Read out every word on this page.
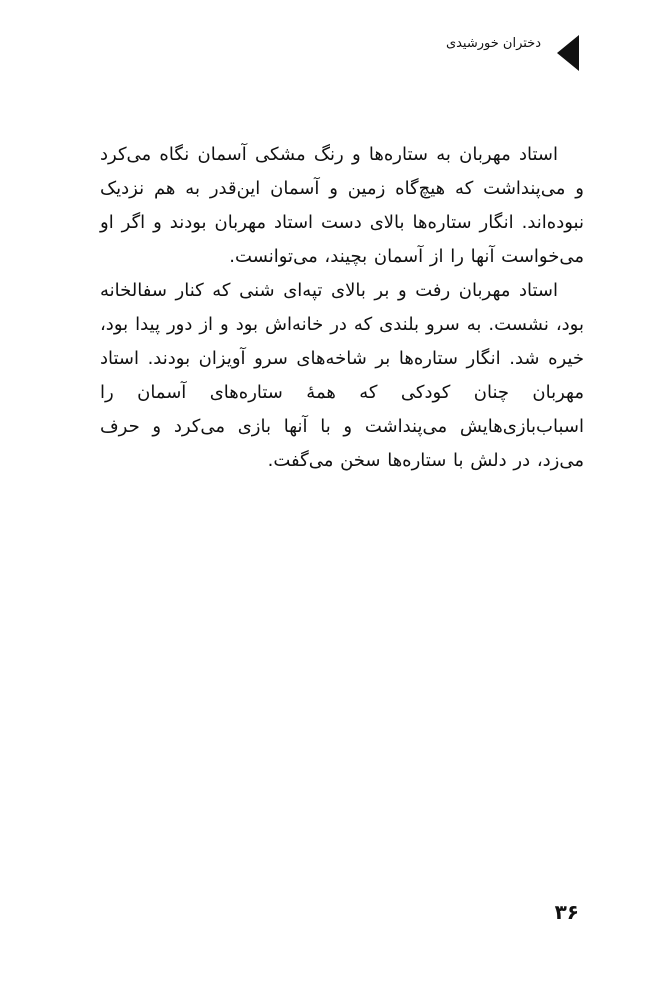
دختران خورشیدی

استاد مهربان به ستاره‌ها و رنگ مشکی آسمان نگاه می‌کرد و می‌پنداشت که هیچ‌گاه زمین و آسمان این‌قدر به هم نزدیک نبوده‌اند. انگار ستاره‌ها بالای دست استاد مهربان بودند و اگر او می‌خواست آنها را از آسمان بچیند، می‌توانست.

استاد مهربان رفت و بر بالای تپه‌ای شنی که کنار سفالخانه بود، نشست. به سرو بلندی که در خانه‌اش بود و از دور پیدا بود، خیره شد. انگار ستاره‌ها بر شاخه‌های سرو آویزان بودند. استاد مهربان چنان کودکی که همهٔ ستاره‌های آسمان را اسباب‌بازی‌هایش می‌پنداشت و با آنها بازی می‌کرد و حرف می‌زد، در دلش با ستاره‌ها سخن می‌گفت.

۳۶
